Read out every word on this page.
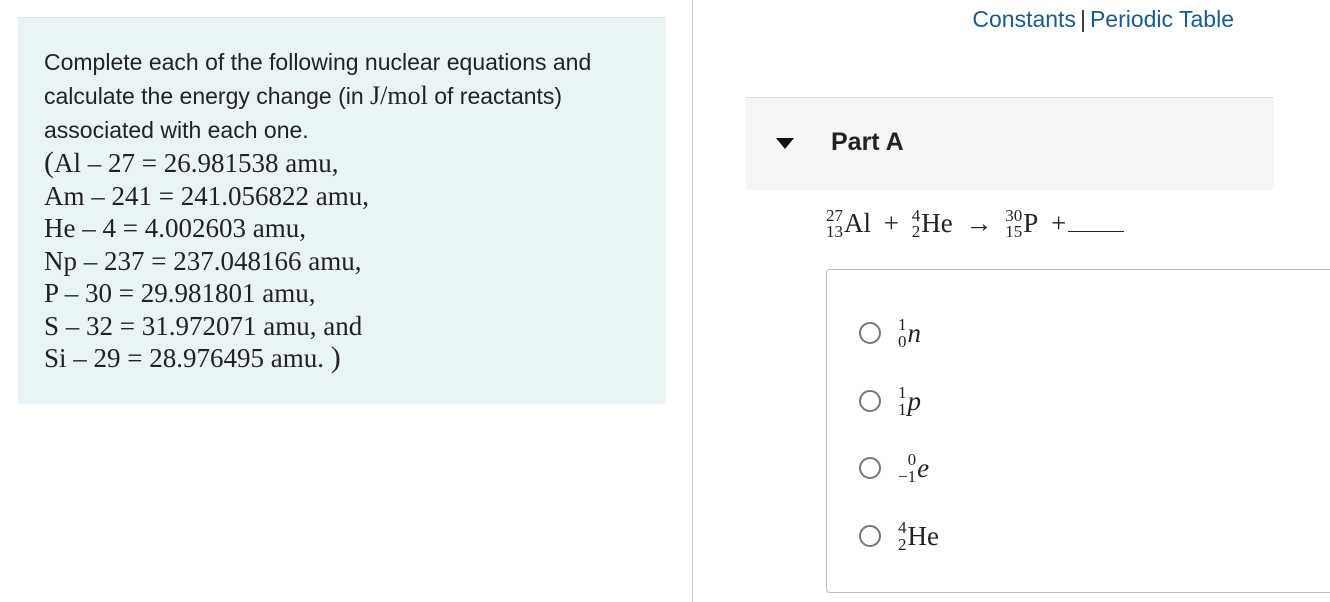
Complete each of the following nuclear equations and calculate the energy change (in J/mol of reactants) associated with each one.

(Al – 27 = 26.981538 amu,
Am – 241 = 241.056822 amu,
He – 4 = 4.002603 amu,
Np – 237 = 237.048166 amu,
P – 30 = 29.981801 amu,
S – 32 = 31.972071 amu, and
Si – 29 = 28.976495 amu. )
Constants | Periodic Table
Part A
27
13 Al + 4
2 He → 30
15 P +
1
0 n
1
1 p
0
−1 e
4
2 He
